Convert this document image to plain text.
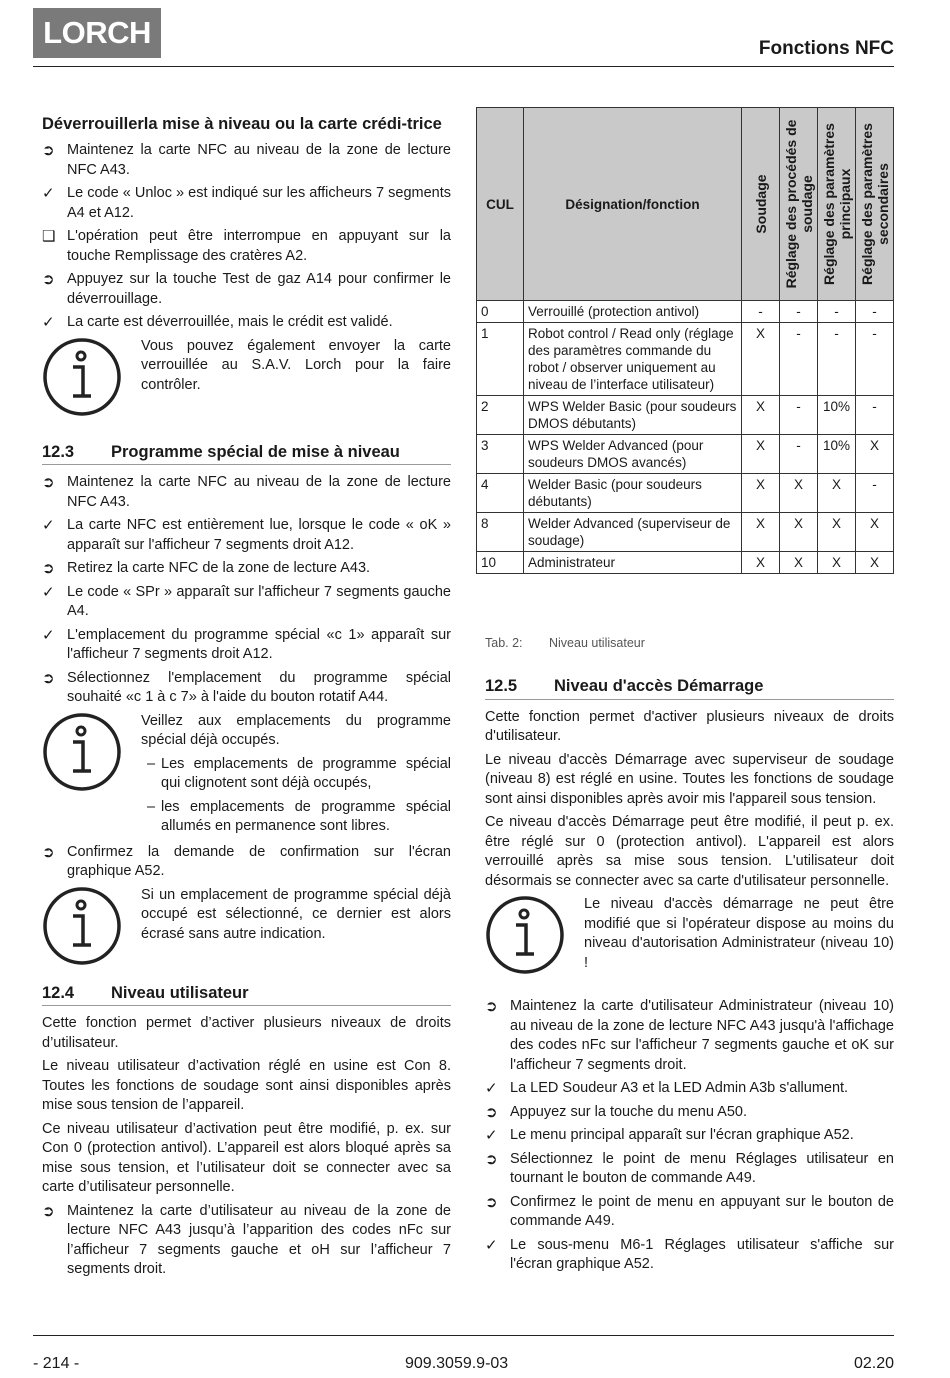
LORCH	Fonctions NFC
Déverrouillerla mise à niveau ou la carte crédi-trice
➲ Maintenez la carte NFC au niveau de la zone de lecture NFC A43.
✓ Le code « Unloc » est indiqué sur les afficheurs 7 segments A4 et A12.
❑ L'opération peut être interrompue en appuyant sur la touche Remplissage des cratères A2.
➲ Appuyez sur la touche Test de gaz A14 pour confirmer le déverrouillage.
✓ La carte est déverrouillée, mais le crédit est validé.
Vous pouvez également envoyer la carte verrouillée au S.A.V. Lorch pour la faire contrôler.
12.3	Programme spécial de mise à niveau
➲ Maintenez la carte NFC au niveau de la zone de lecture NFC A43.
✓ La carte NFC est entièrement lue, lorsque le code « oK » apparaît sur l'afficheur 7 segments droit A12.
➲ Retirez la carte NFC de la zone de lecture A43.
✓ Le code « SPr » apparaît sur l'afficheur 7 segments gauche A4.
✓ L'emplacement du programme spécial «c 1» apparaît sur l'afficheur 7 segments droit A12.
➲ Sélectionnez l'emplacement du programme spécial souhaité «c 1 à c 7» à l'aide du bouton rotatif A44.
Veillez aux emplacements du programme spécial déjà occupés.
– Les emplacements de programme spécial qui clignotent sont déjà occupés,
– les emplacements de programme spécial allumés en permanence sont libres.
➲ Confirmez la demande de confirmation sur l'écran graphique A52.
Si un emplacement de programme spécial déjà occupé est sélectionné, ce dernier est alors écrasé sans autre indication.
12.4	Niveau utilisateur

Cette fonction permet d’activer plusieurs niveaux de droits d’utilisateur.

Le niveau utilisateur d’activation réglé en usine est Con 8. Toutes les fonctions de soudage sont ainsi disponibles après mise sous tension de l’appareil.

Ce niveau utilisateur d’activation peut être modifié, p. ex. sur Con 0 (protection antivol). L’appareil est alors bloqué après sa mise sous tension, et l’utilisateur doit se connecter avec sa carte d’utilisateur personnelle.

➲ Maintenez la carte d’utilisateur au niveau de la zone de lecture NFC A43 jusqu’à l’apparition des codes nFc sur l’afficheur 7 segments gauche et oH sur l’afficheur 7 segments droit.
CUL	Désignation/fonction	Soudage	Réglage des procédés de soudage	Réglage des paramètres principaux	Réglage des paramètres secondaires

0	Verrouillé (protection antivol)	-	-	-	-
1	Robot control / Read only (réglage des paramètres commande du robot / observer uniquement au niveau de l’interface utilisateur)	X	-	-	-
2	WPS Welder Basic (pour soudeurs DMOS débutants)	X	-	10%	-
3	WPS Welder Advanced (pour soudeurs DMOS avancés)	X	-	10%	X
4	Welder Basic (pour soudeurs débutants)	X	X	X	-
8	Welder Advanced (superviseur de soudage)	X	X	X	X
10	Administrateur	X	X	X	X
Tab. 2: Niveau utilisateur
12.5	Niveau d'accès Démarrage

Cette fonction permet d'activer plusieurs niveaux de droits d'utilisateur.

Le niveau d'accès Démarrage avec superviseur de soudage (niveau 8) est réglé en usine. Toutes les fonctions de soudage sont ainsi disponibles après avoir mis l'appareil sous tension.

Ce niveau d'accès Démarrage peut être modifié, il peut p. ex. être réglé sur 0 (protection antivol). L'appareil est alors verrouillé après sa mise sous tension. L'utilisateur doit désormais se connecter avec sa carte d'utilisateur personnelle.

Le niveau d'accès démarrage ne peut être modifié que si l'opérateur dispose au moins du niveau d'autorisation Administrateur (niveau 10) !
➲ Maintenez la carte d'utilisateur Administrateur (niveau 10) au niveau de la zone de lecture NFC A43 jusqu'à l'affichage des codes nFc sur l'afficheur 7 segments gauche et oK sur l'afficheur 7 segments droit.
✓ La LED Soudeur A3 et la LED Admin A3b s'allument.
➲ Appuyez sur la touche du menu A50.
✓ Le menu principal apparaît sur l'écran graphique A52.
➲ Sélectionnez le point de menu Réglages utilisateur en tournant le bouton de commande A49.
➲ Confirmez le point de menu en appuyant sur le bouton de commande A49.
✓ Le sous-menu M6-1 Réglages utilisateur s'affiche sur l'écran graphique A52.
- 214 -	909.3059.9-03	02.20
